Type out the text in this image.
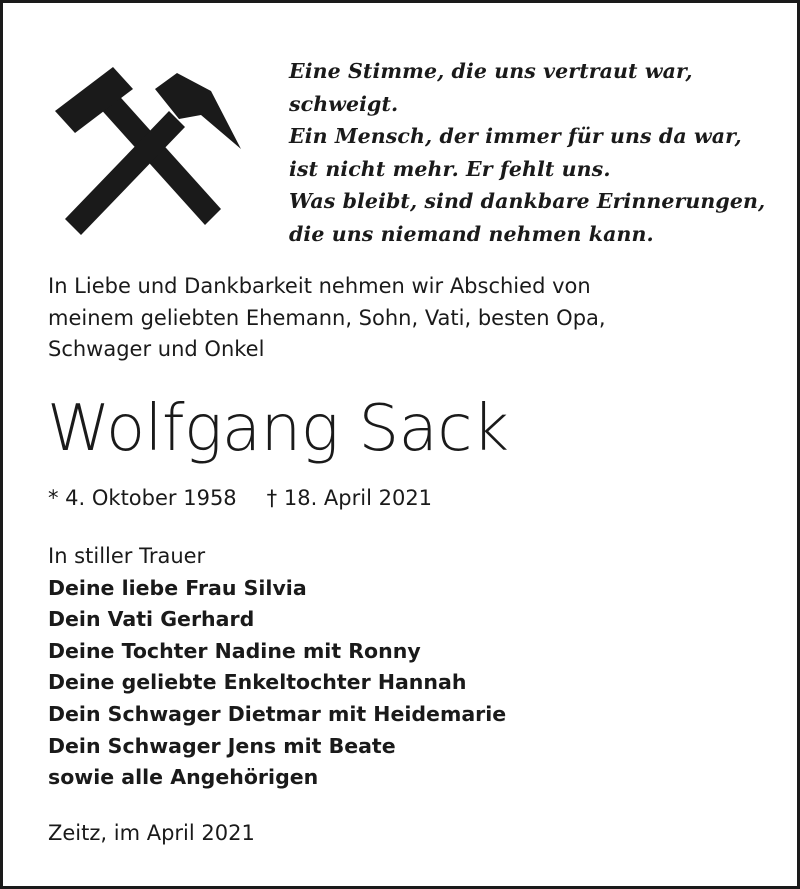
Eine Stimme, die uns vertraut war,
schweigt.
Ein Mensch, der immer für uns da war,
ist nicht mehr. Er fehlt uns.
Was bleibt, sind dankbare Erinnerungen,
die uns niemand nehmen kann.
In Liebe und Dankbarkeit nehmen wir Abschied von
meinem geliebten Ehemann, Sohn, Vati, besten Opa,
Schwager und Onkel
Wolfgang Sack
* 4. Oktober 1958 † 18. April 2021
In stiller Trauer
Deine liebe Frau Silvia
Dein Vati Gerhard
Deine Tochter Nadine mit Ronny
Deine geliebte Enkeltochter Hannah
Dein Schwager Dietmar mit Heidemarie
Dein Schwager Jens mit Beate
sowie alle Angehörigen
Zeitz, im April 2021
